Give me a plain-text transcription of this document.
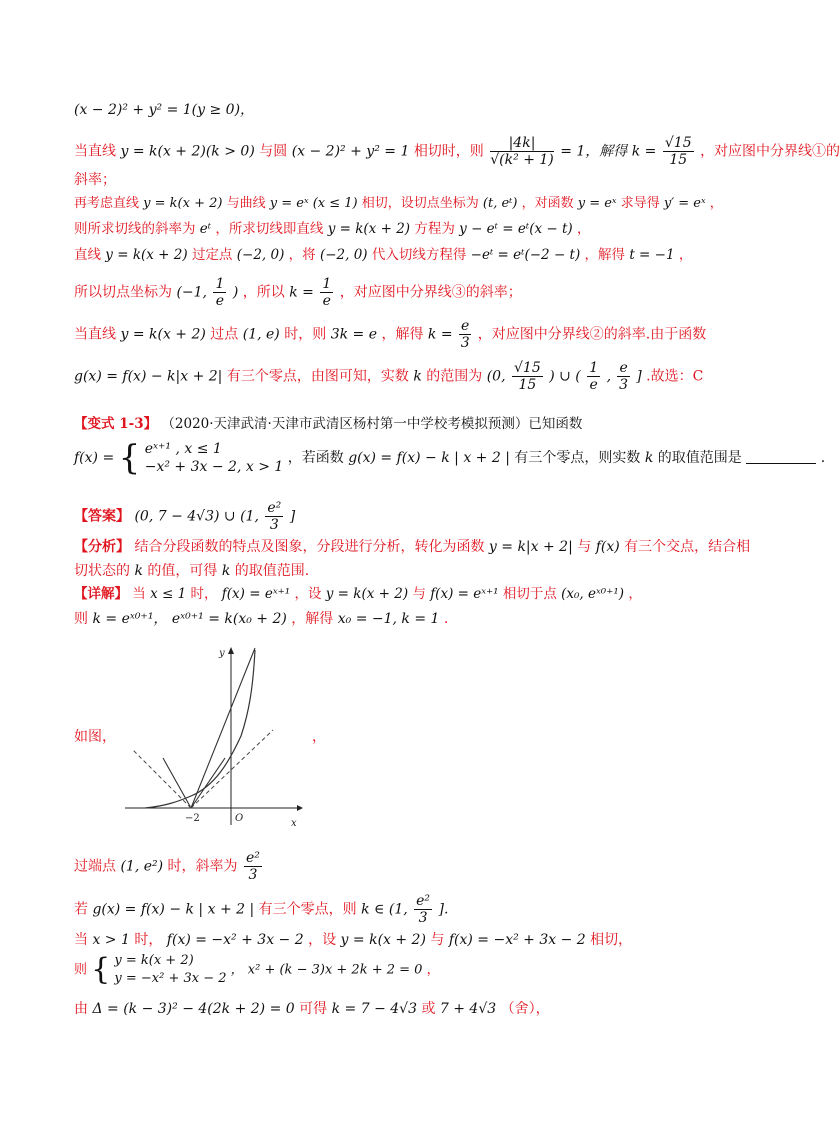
(x − 2)² + y² = 1(y ≥ 0)，
当直线 y = k(x + 2)(k > 0) 与圆 (x − 2)² + y² = 1 相切时，则 $\frac{|4k|}{\text{√(k² + 1)}} = 1$，解得 $k = \frac{√15}{15}$ ，对应图中分界线①的
斜率；
再考虑直线 y = k(x + 2) 与曲线 y = eˣ (x ≤ 1) 相切，设切点坐标为 (t, eᵗ) ，对函数 y = eˣ 求导得 y′ = eˣ ，
则所求切线的斜率为 eᵗ ，所求切线即直线 y = k(x + 2) 方程为 y − eᵗ = eᵗ(x − t) ，
直线 y = k(x + 2) 过定点 (−2, 0) ，将 (−2, 0) 代入切线方程得 −eᵗ = eᵗ(−2 − t) ，解得 t = −1 ，
所以切点坐标为 (−1, $\frac{1}{e}$ ) ，所以 $k = \frac{1}{e}$ ，对应图中分界线③的斜率；
当直线 y = k(x + 2) 过点 (1, e) 时，则 3k = e ，解得 $k = \frac{e}{3}$ ，对应图中分界线②的斜率.由于函数
g(x) = f(x) − k|x + 2| 有三个零点，由图可知，实数 k 的范围为 (0, $\frac{√15}{15}$ ) ∪ ( $\frac{1}{e}$ , $\frac{e}{3}$ ] .故选：C
【变式 1-3】 （2020·天津武清·天津市武清区杨村第一中学校考模拟预测）已知函数
f(x) = { eˣ⁺¹ , x ≤ 1
−x² + 3x − 2, x > 1
，若函数 g(x) = f(x) − k | x + 2 | 有三个零点，则实数 k 的取值范围是	.
【答案】 (0, 7 − 4√3) ∪ (1, $\frac{\text{e²}}{3}$ ]
【分析】 结合分段函数的特点及图象，分段进行分析，转化为函数 y = k|x + 2| 与 f(x) 有三个交点，结合相
切状态的 k 的值，可得 k 的取值范围.
【详解】 当 x ≤ 1 时， f(x) = eˣ⁺¹ ，设 y = k(x + 2) 与 f(x) = eˣ⁺¹ 相切于点 (x₀, eˣ⁰⁺¹) ，
则 k = eˣ⁰⁺¹， eˣ⁰⁺¹ = k(x₀ + 2) ，解得 x₀ = −1, k = 1 .
如图，	，
y
x
O
−2
过端点 (1, e²) 时，斜率为 $\frac{\text{e²}}{3}$
若 g(x) = f(x) − k | x + 2 | 有三个零点，则 k ∈ (1, $\frac{\text{e²}}{3}$ ].
当 x > 1 时， f(x) = −x² + 3x − 2 ，设 y = k(x + 2) 与 f(x) = −x² + 3x − 2 相切，
则 { y = k(x + 2)
y = −x² + 3x − 2
， x² + (k − 3)x + 2k + 2 = 0 ，
由 Δ = (k − 3)² − 4(2k + 2) = 0 可得 k = 7 − 4√3 或 7 + 4√3 （舍），
